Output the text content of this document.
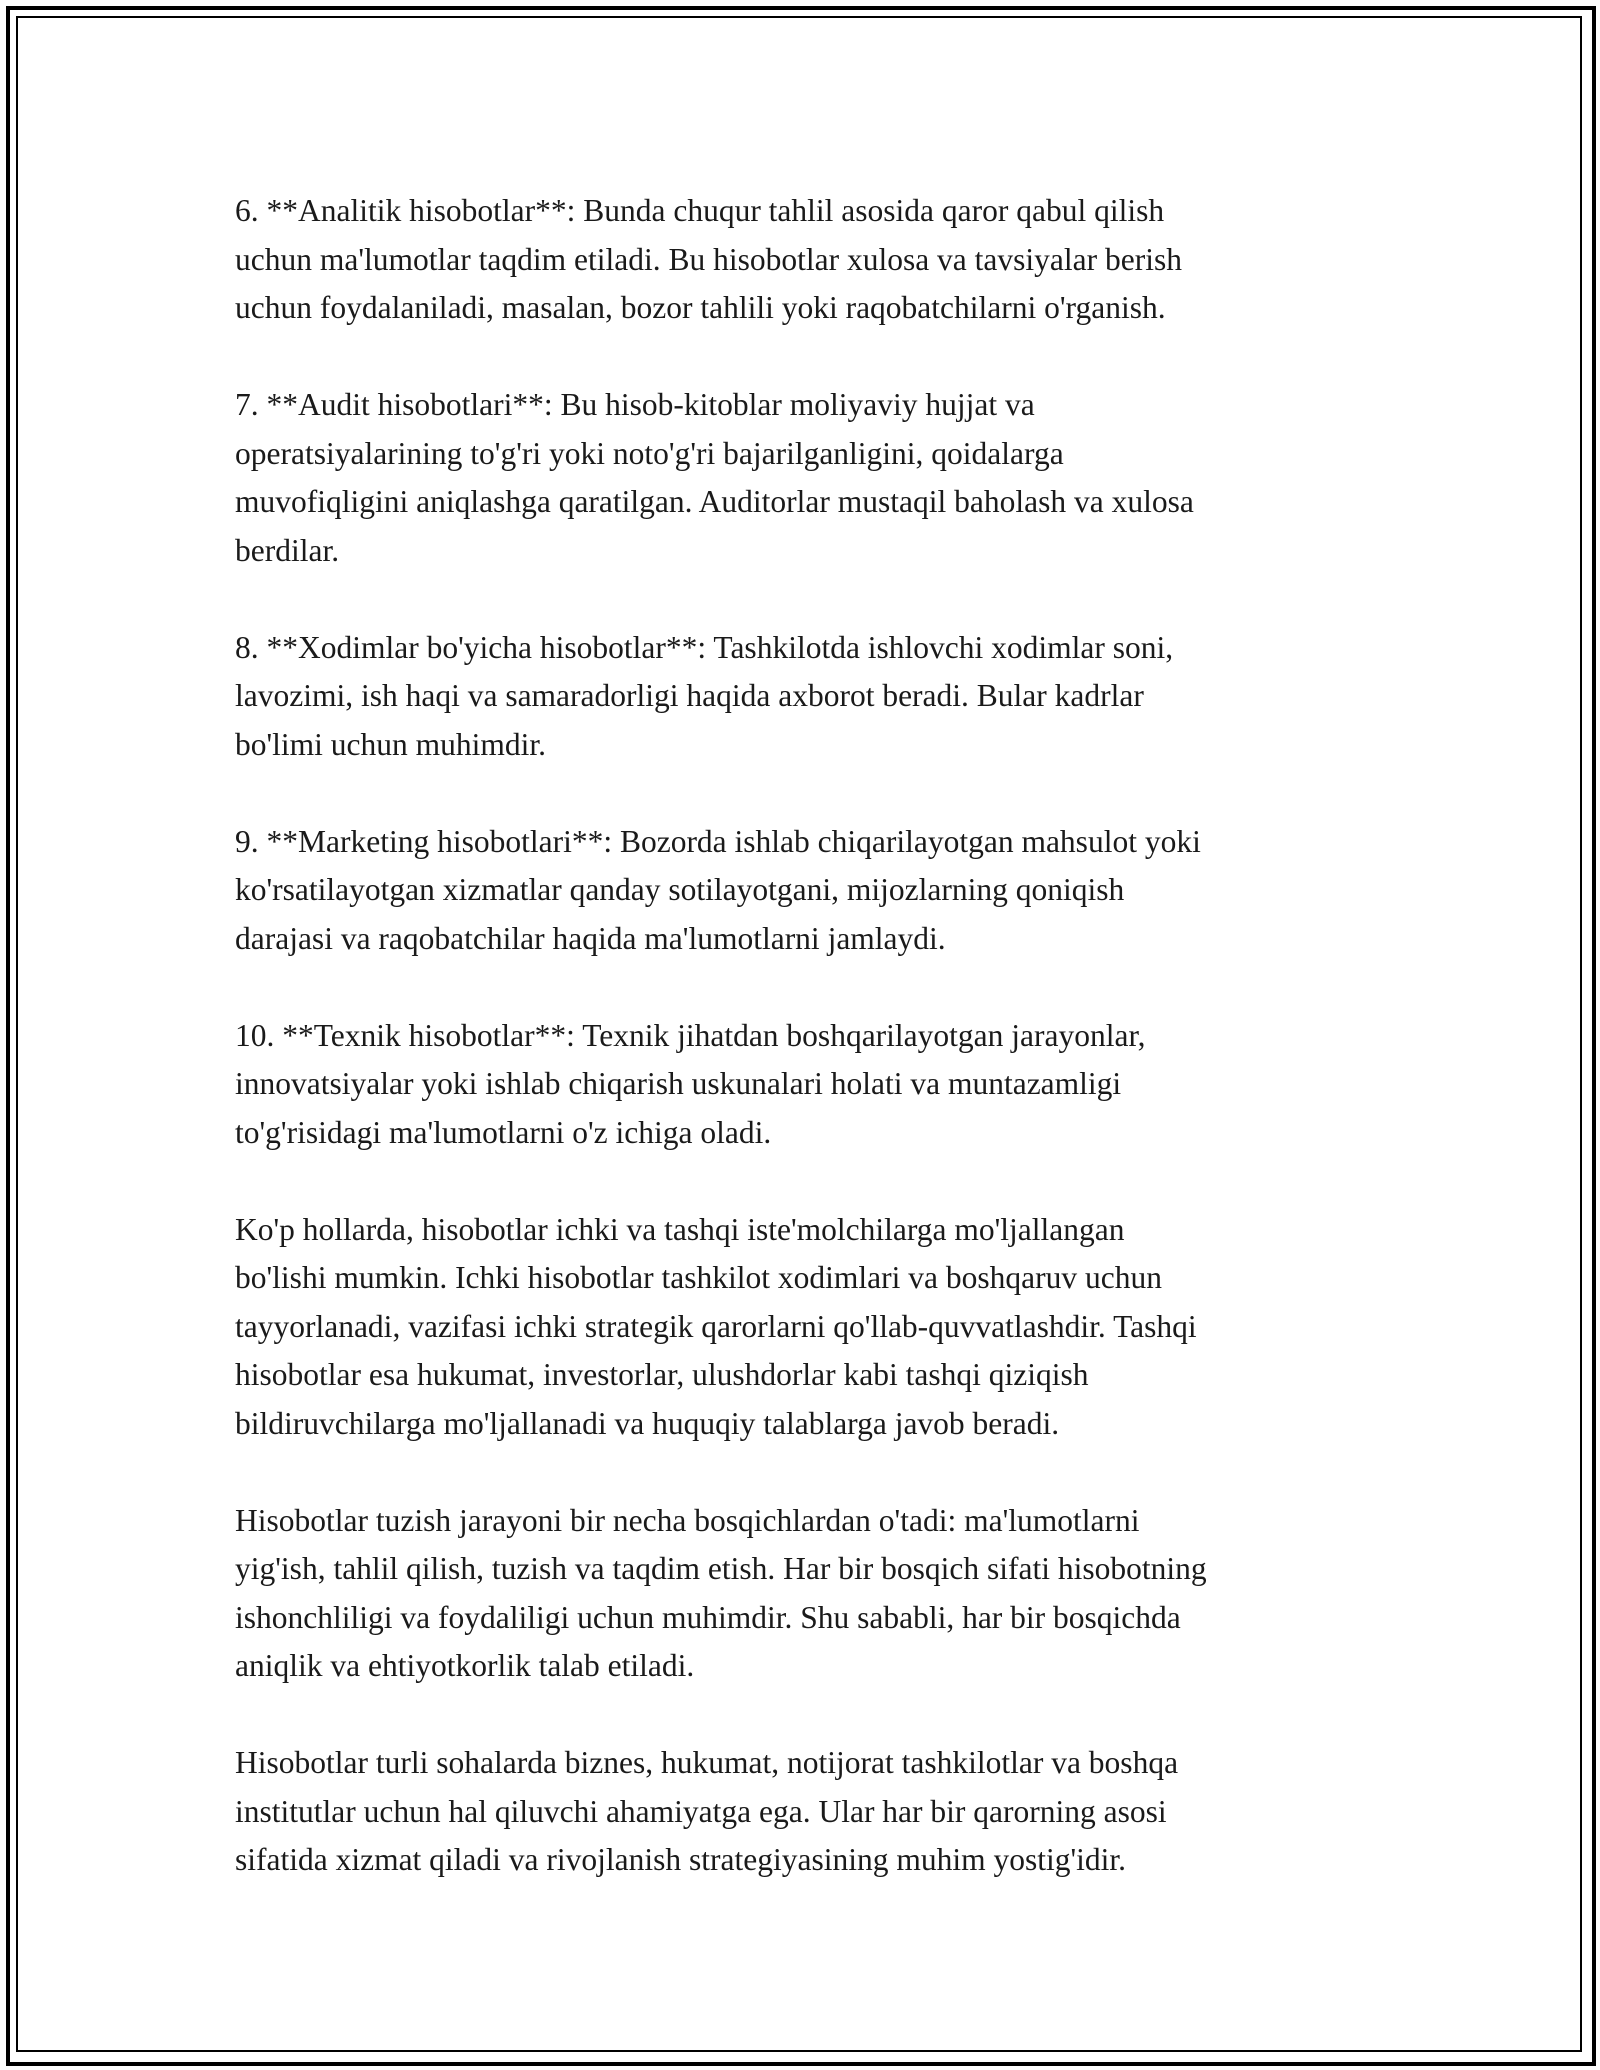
6. **Analitik hisobotlar**: Bunda chuqur tahlil asosida qaror qabul qilish
uchun ma'lumotlar taqdim etiladi. Bu hisobotlar xulosa va tavsiyalar berish
uchun foydalaniladi, masalan, bozor tahlili yoki raqobatchilarni o'rganish.

7. **Audit hisobotlari**: Bu hisob-kitoblar moliyaviy hujjat va
operatsiyalarining to'g'ri yoki noto'g'ri bajarilganligini, qoidalarga
muvofiqligini aniqlashga qaratilgan. Auditorlar mustaqil baholash va xulosa
berdilar.

8. **Xodimlar bo'yicha hisobotlar**: Tashkilotda ishlovchi xodimlar soni,
lavozimi, ish haqi va samaradorligi haqida axborot beradi. Bular kadrlar
bo'limi uchun muhimdir.

9. **Marketing hisobotlari**: Bozorda ishlab chiqarilayotgan mahsulot yoki
ko'rsatilayotgan xizmatlar qanday sotilayotgani, mijozlarning qoniqish
darajasi va raqobatchilar haqida ma'lumotlarni jamlaydi.

10. **Texnik hisobotlar**: Texnik jihatdan boshqarilayotgan jarayonlar,
innovatsiyalar yoki ishlab chiqarish uskunalari holati va muntazamligi
to'g'risidagi ma'lumotlarni o'z ichiga oladi.

Ko'p hollarda, hisobotlar ichki va tashqi iste'molchilarga mo'ljallangan
bo'lishi mumkin. Ichki hisobotlar tashkilot xodimlari va boshqaruv uchun
tayyorlanadi, vazifasi ichki strategik qarorlarni qo'llab-quvvatlashdir. Tashqi
hisobotlar esa hukumat, investorlar, ulushdorlar kabi tashqi qiziqish
bildiruvchilarga mo'ljallanadi va huquqiy talablarga javob beradi.

Hisobotlar tuzish jarayoni bir necha bosqichlardan o'tadi: ma'lumotlarni
yig'ish, tahlil qilish, tuzish va taqdim etish. Har bir bosqich sifati hisobotning
ishonchliligi va foydaliligi uchun muhimdir. Shu sababli, har bir bosqichda
aniqlik va ehtiyotkorlik talab etiladi.

Hisobotlar turli sohalarda biznes, hukumat, notijorat tashkilotlar va boshqa
institutlar uchun hal qiluvchi ahamiyatga ega. Ular har bir qarorning asosi
sifatida xizmat qiladi va rivojlanish strategiyasining muhim yostig'idir.
